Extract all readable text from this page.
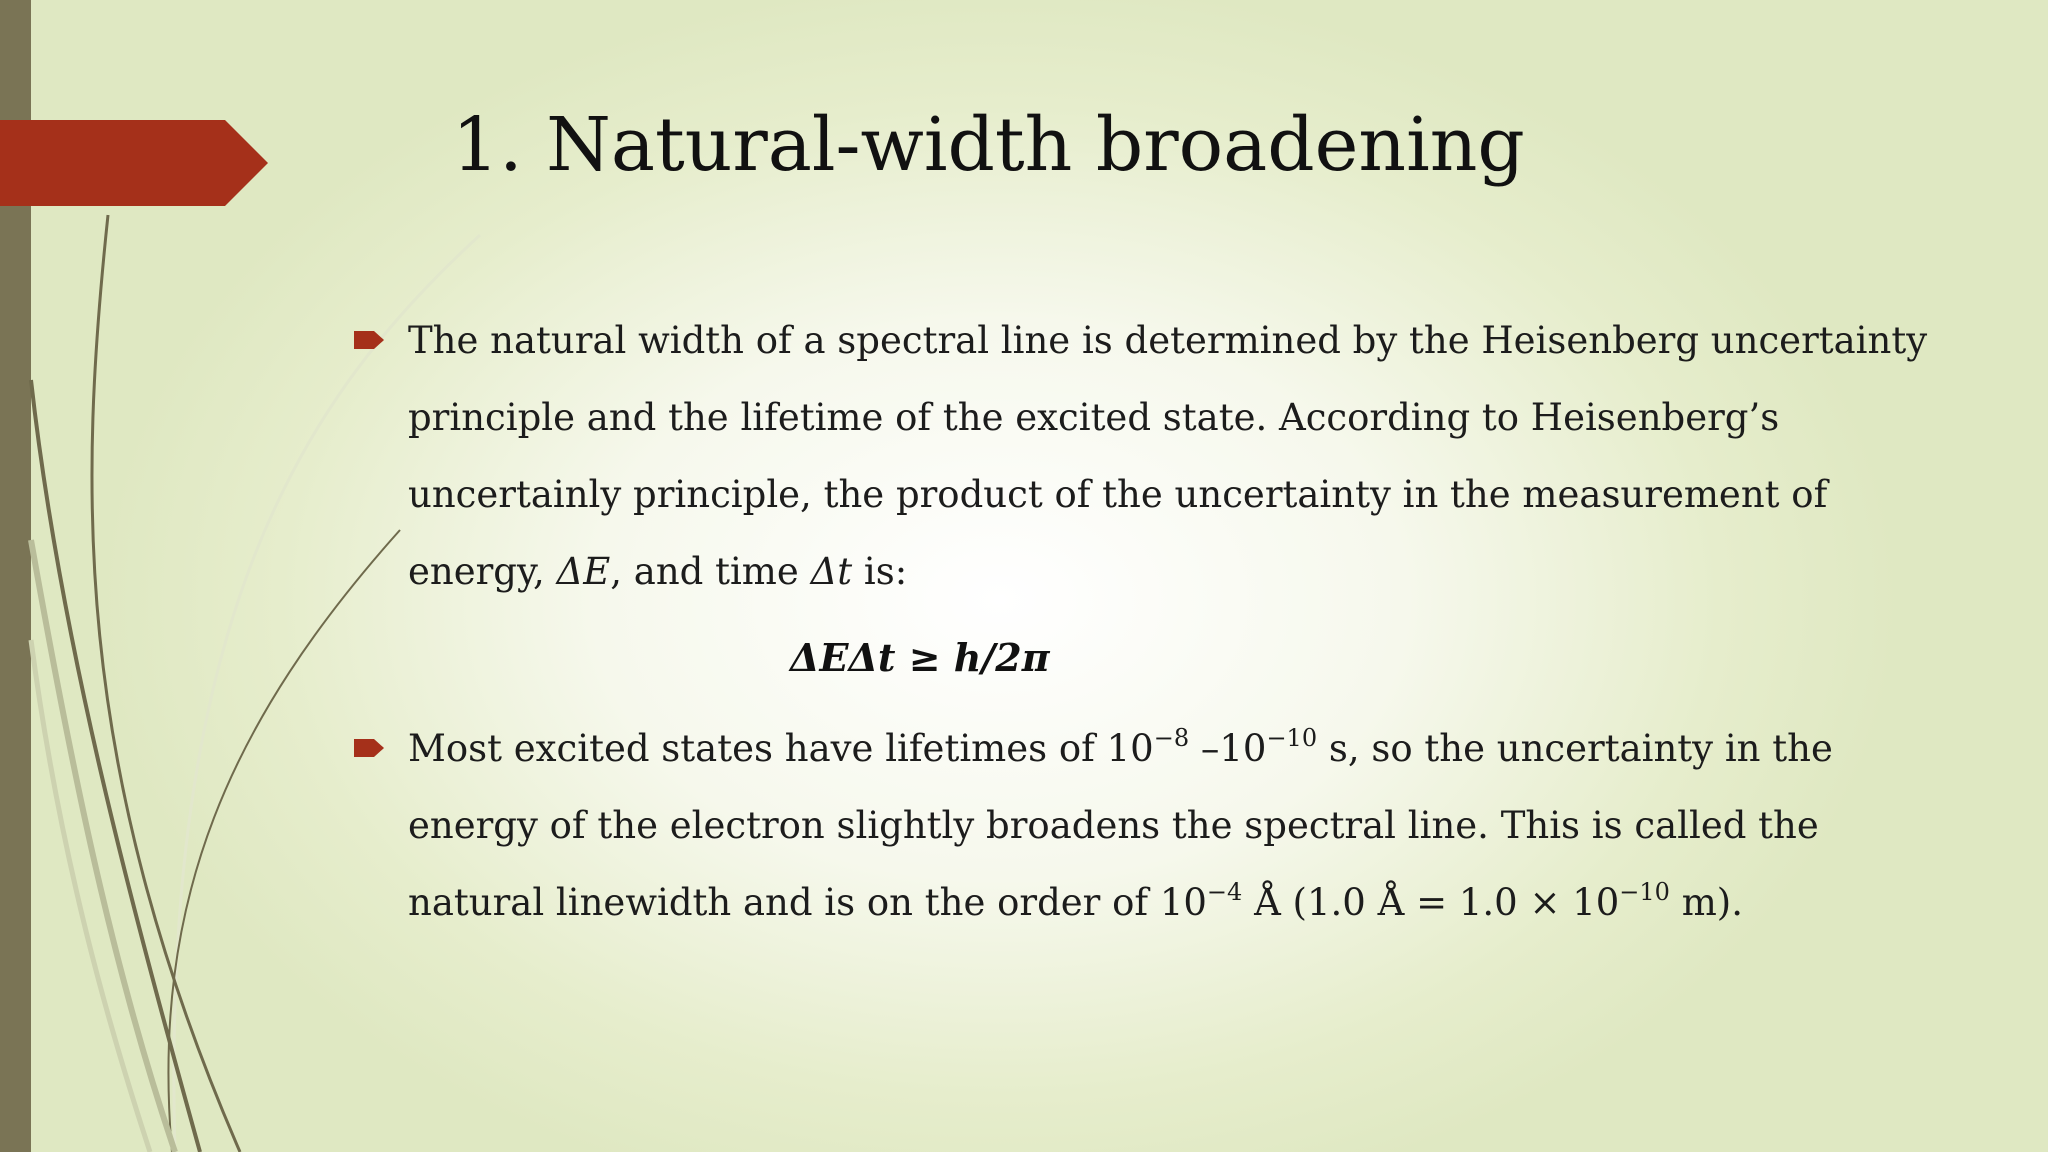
1. Natural-width broadening
The natural width of a spectral line is determined by the Heisenberg uncertainty principle and the lifetime of the excited state. According to Heisenberg’s uncertainly principle, the product of the uncertainty in the measurement of energy, ΔE, and time Δt is:
ΔEΔt ≥ h/2π
Most excited states have lifetimes of $10^{-8}$ $-10^{-10}$ s, so the uncertainty in the energy of the electron slightly broadens the spectral line. This is called the natural linewidth and is on the order of $10^{-4}$ Å (1.0 Å = $1.0 \times 10^{-10}$ m).
